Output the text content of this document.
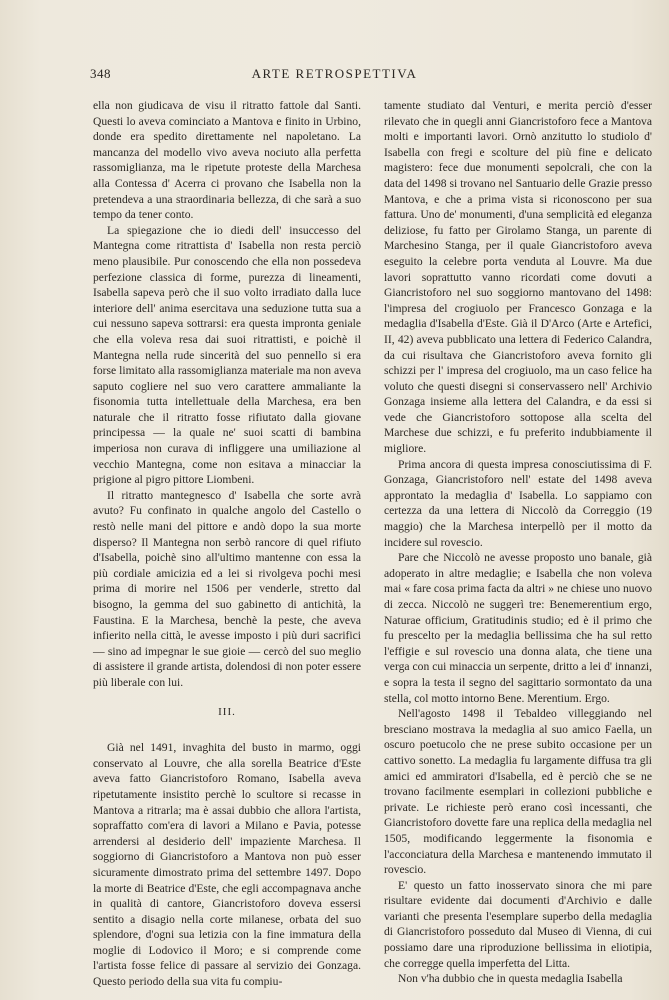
348	ARTE RETROSPETTIVA

ella non giudicava de visu il ritratto fattole dal Santi. Questi lo aveva cominciato a Mantova e finito in Urbino, donde era spedito direttamente nel napoletano. La mancanza del modello vivo aveva nociuto alla perfetta rassomiglianza, ma le ripetute proteste della Marchesa alla Contessa d' Acerra ci provano che Isabella non la pretendeva a una straordinaria bellezza, di che sarà a suo tempo da tener conto.

La spiegazione che io diedi dell' insuccesso del Mantegna come ritrattista d' Isabella non resta perciò meno plausibile. Pur conoscendo che ella non possedeva perfezione classica di forme, purezza di lineamenti, Isabella sapeva però che il suo volto irradiato dalla luce interiore dell' anima esercitava una seduzione tutta sua a cui nessuno sapeva sottrarsi: era questa impronta geniale che ella voleva resa dai suoi ritrattisti, e poichè il Mantegna nella rude sincerità del suo pennello si era forse limitato alla rassomiglianza materiale ma non aveva saputo cogliere nel suo vero carattere ammaliante la fisonomia tutta intellettuale della Marchesa, era ben naturale che il ritratto fosse rifiutato dalla giovane principessa — la quale ne' suoi scatti di bambina imperiosa non curava di infliggere una umiliazione al vecchio Mantegna, come non esitava a minacciar la prigione al pigro pittore Liombeni.

Il ritratto mantegnesco d' Isabella che sorte avrà avuto? Fu confinato in qualche angolo del Castello o restò nelle mani del pittore e andò dopo la sua morte disperso? Il Mantegna non serbò rancore di quel rifiuto d'Isabella, poichè sino all'ultimo mantenne con essa la più cordiale amicizia ed a lei si rivolgeva pochi mesi prima di morire nel 1506 per venderle, stretto dal bisogno, la gemma del suo gabinetto di antichità, la Faustina. E la Marchesa, benchè la peste, che aveva infierito nella città, le avesse imposto i più duri sacrifici — sino ad impegnar le sue gioie — cercò del suo meglio di assistere il grande artista, dolendosi di non poter essere più liberale con lui.

III.

Già nel 1491, invaghita del busto in marmo, oggi conservato al Louvre, che alla sorella Beatrice d'Este aveva fatto Giancristoforo Romano, Isabella aveva ripetutamente insistito perchè lo scultore si recasse in Mantova a ritrarla; ma è assai dubbio che allora l'artista, sopraffatto com'era di lavori a Milano e Pavia, potesse arrendersi al desiderio dell' impaziente Marchesa. Il soggiorno di Giancristoforo a Mantova non può esser sicuramente dimostrato prima del settembre 1497. Dopo la morte di Beatrice d'Este, che egli accompagnava anche in qualità di cantore, Giancristoforo doveva essersi sentito a disagio nella corte milanese, orbata del suo splendore, d'ogni sua letizia con la fine immatura della moglie di Lodovico il Moro; e si comprende come l'artista fosse felice di passare al servizio dei Gonzaga. Questo periodo della sua vita fu compiu-

tamente studiato dal Venturi, e merita perciò d'esser rilevato che in quegli anni Giancristoforo fece a Mantova molti e importanti lavori. Ornò anzitutto lo studiolo d' Isabella con fregi e scolture del più fine e delicato magistero: fece due monumenti sepolcrali, che con la data del 1498 si trovano nel Santuario delle Grazie presso Mantova, e che a prima vista si riconoscono per sua fattura. Uno de' monumenti, d'una semplicità ed eleganza deliziose, fu fatto per Girolamo Stanga, un parente di Marchesino Stanga, per il quale Giancristoforo aveva eseguito la celebre porta venduta al Louvre. Ma due lavori soprattutto vanno ricordati come dovuti a Giancristoforo nel suo soggiorno mantovano del 1498: l'impresa del crogiuolo per Francesco Gonzaga e la medaglia d'Isabella d'Este. Già il D'Arco (Arte e Artefici, II, 42) aveva pubblicato una lettera di Federico Calandra, da cui risultava che Giancristoforo aveva fornito gli schizzi per l' impresa del crogiuolo, ma un caso felice ha voluto che questi disegni si conservassero nell' Archivio Gonzaga insieme alla lettera del Calandra, e da essi si vede che Giancristoforo sottopose alla scelta del Marchese due schizzi, e fu preferito indubbiamente il migliore.

Prima ancora di questa impresa conosciutissima di F. Gonzaga, Giancristoforo nell' estate del 1498 aveva approntato la medaglia d' Isabella. Lo sappiamo con certezza da una lettera di Niccolò da Correggio (19 maggio) che la Marchesa interpellò per il motto da incidere sul rovescio.

Pare che Niccolò ne avesse proposto uno banale, già adoperato in altre medaglie; e Isabella che non voleva mai « fare cosa prima facta da altri » ne chiese uno nuovo di zecca. Niccolò ne suggerì tre: Benemerentium ergo, Naturae officium, Gratitudinis studio; ed è il primo che fu prescelto per la medaglia bellissima che ha sul retto l'effigie e sul rovescio una donna alata, che tiene una verga con cui minaccia un serpente, dritto a lei d' innanzi, e sopra la testa il segno del sagittario sormontato da una stella, col motto intorno Bene. Merentium. Ergo.

Nell'agosto 1498 il Tebaldeo villeggiando nel bresciano mostrava la medaglia al suo amico Faella, un oscuro poetucolo che ne prese subito occasione per un cattivo sonetto. La medaglia fu largamente diffusa tra gli amici ed ammiratori d'Isabella, ed è perciò che se ne trovano facilmente esemplari in collezioni pubbliche e private. Le richieste però erano così incessanti, che Giancristoforo dovette fare una replica della medaglia nel 1505, modificando leggermente la fisonomia e l'acconciatura della Marchesa e mantenendo immutato il rovescio.

E' questo un fatto inosservato sinora che mi pare risultare evidente dai documenti d'Archivio e dalle varianti che presenta l'esemplare superbo della medaglia di Giancristoforo posseduto dal Museo di Vienna, di cui possiamo dare una riproduzione bellissima in eliotipia, che corregge quella imperfetta del Litta.

Non v'ha dubbio che in questa medaglia Isabella
